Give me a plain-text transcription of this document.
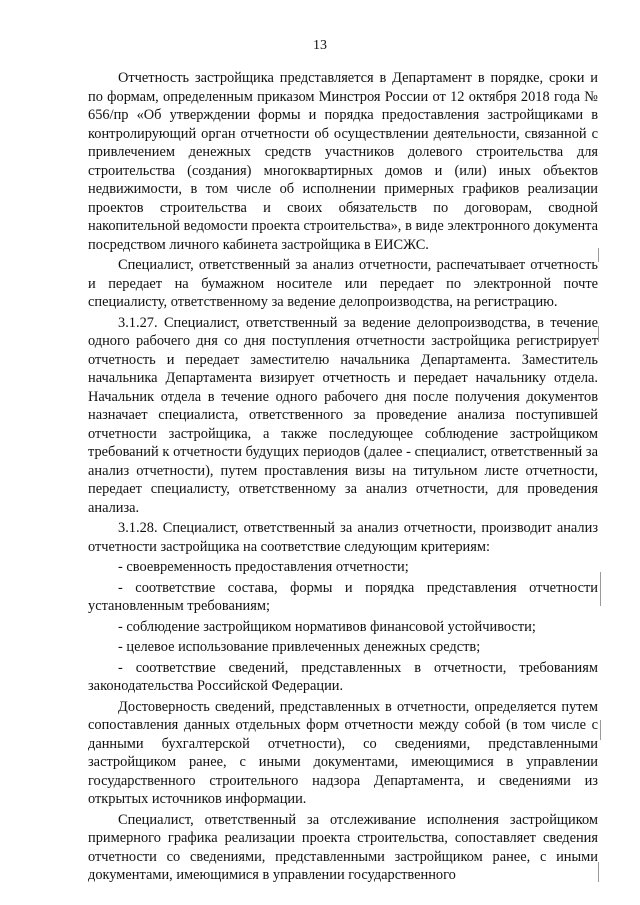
13

Отчетность застройщика представляется в Департамент в порядке, сроки и по формам, определенным приказом Минстроя России от 12 октября 2018 года № 656/пр «Об утверждении формы и порядка предоставления застройщиками в контролирующий орган отчетности об осуществлении деятельности, связанной с привлечением денежных средств участников долевого строительства для строительства (создания) многоквартирных домов и (или) иных объектов недвижимости, в том числе об исполнении примерных графиков реализации проектов строительства и своих обязательств по договорам, сводной накопительной ведомости проекта строительства», в виде электронного документа посредством личного кабинета застройщика в ЕИСЖС.

Специалист, ответственный за анализ отчетности, распечатывает отчетность и передает на бумажном носителе или передает по электронной почте специалисту, ответственному за ведение делопроизводства, на регистрацию.

3.1.27. Специалист, ответственный за ведение делопроизводства, в течение одного рабочего дня со дня поступления отчетности застройщика регистрирует отчетность и передает заместителю начальника Департамента. Заместитель начальника Департамента визирует отчетность и передает начальнику отдела. Начальник отдела в течение одного рабочего дня после получения документов назначает специалиста, ответственного за проведение анализа поступившей отчетности застройщика, а также последующее соблюдение застройщиком требований к отчетности будущих периодов (далее - специалист, ответственный за анализ отчетности), путем проставления визы на титульном листе отчетности, передает специалисту, ответственному за анализ отчетности, для проведения анализа.

3.1.28. Специалист, ответственный за анализ отчетности, производит анализ отчетности застройщика на соответствие следующим критериям:

- своевременность предоставления отчетности;

- соответствие состава, формы и порядка представления отчетности установленным требованиям;

- соблюдение застройщиком нормативов финансовой устойчивости;

- целевое использование привлеченных денежных средств;

- соответствие сведений, представленных в отчетности, требованиям законодательства Российской Федерации.

Достоверность сведений, представленных в отчетности, определяется путем сопоставления данных отдельных форм отчетности между собой (в том числе с данными бухгалтерской отчетности), со сведениями, представленными застройщиком ранее, с иными документами, имеющимися в управлении государственного строительного надзора Департамента, и сведениями из открытых источников информации.

Специалист, ответственный за отслеживание исполнения застройщиком примерного графика реализации проекта строительства, сопоставляет сведения отчетности со сведениями, представленными застройщиком ранее, с иными документами, имеющимися в управлении государственного
